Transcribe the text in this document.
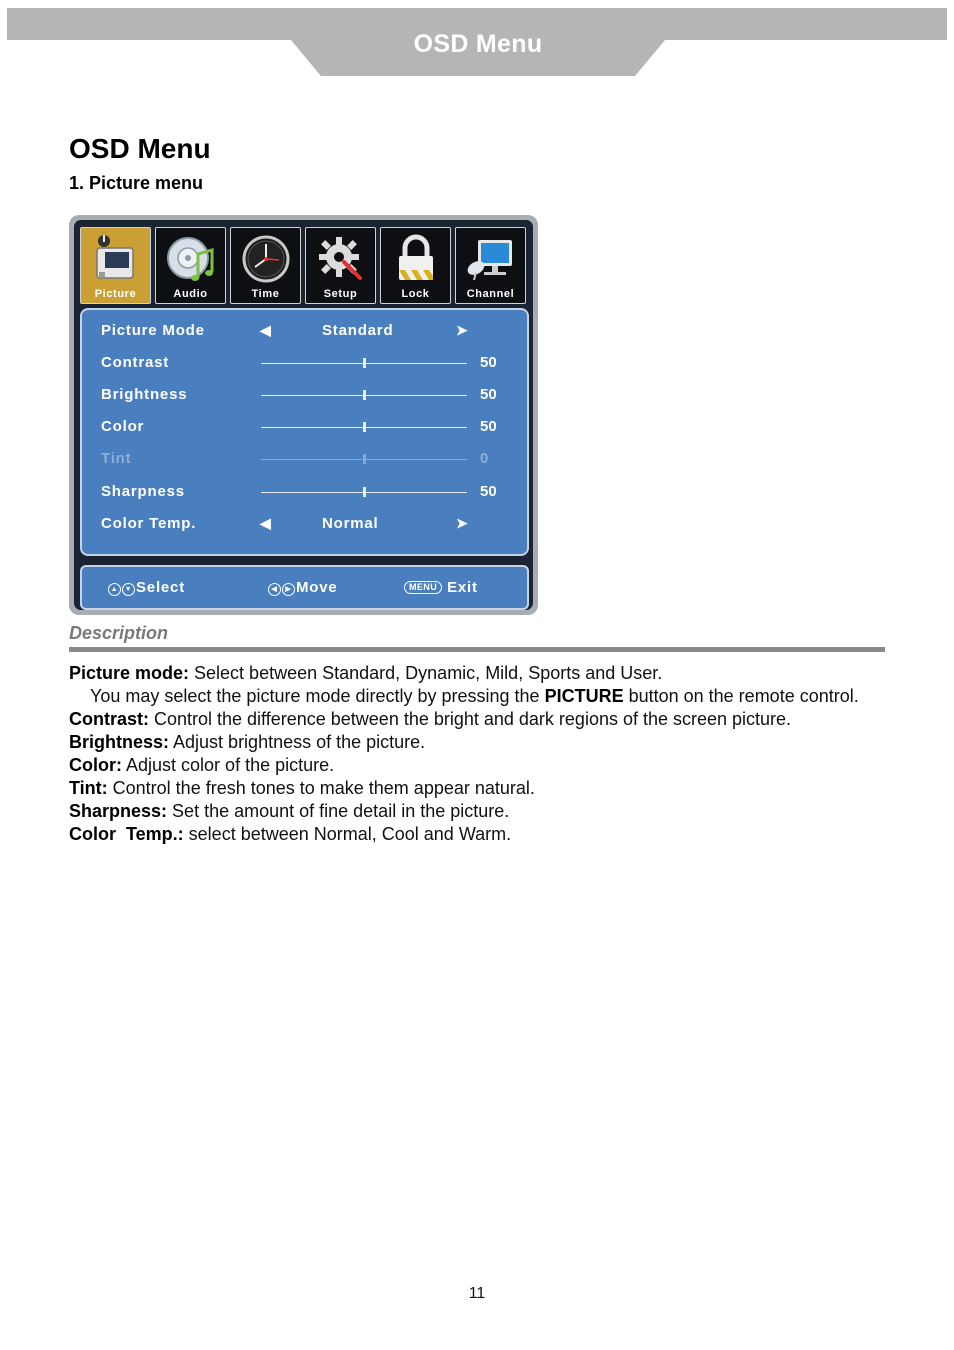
OSD Menu
OSD Menu
1. Picture menu
Picture	Audio	Time	Setup	Lock	Channel
Picture Mode	◀	Standard	➤
Contrast	50
Brightness	50
Color	50
Tint	0
Sharpness	50
Color Temp.	◀	Normal	➤
▲ ▼ Select	◀ ▶ Move	MENU Exit
Description

Picture mode: Select between Standard, Dynamic, Mild, Sports and User.

You may select the picture mode directly by pressing the PICTURE button on the remote control.

Contrast: Control the difference between the bright and dark regions of the screen picture.

Brightness: Adjust brightness of the picture.

Color: Adjust color of the picture.

Tint: Control the fresh tones to make them appear natural.

Sharpness: Set the amount of fine detail in the picture.

Color  Temp.: select between Normal, Cool and Warm.

11
